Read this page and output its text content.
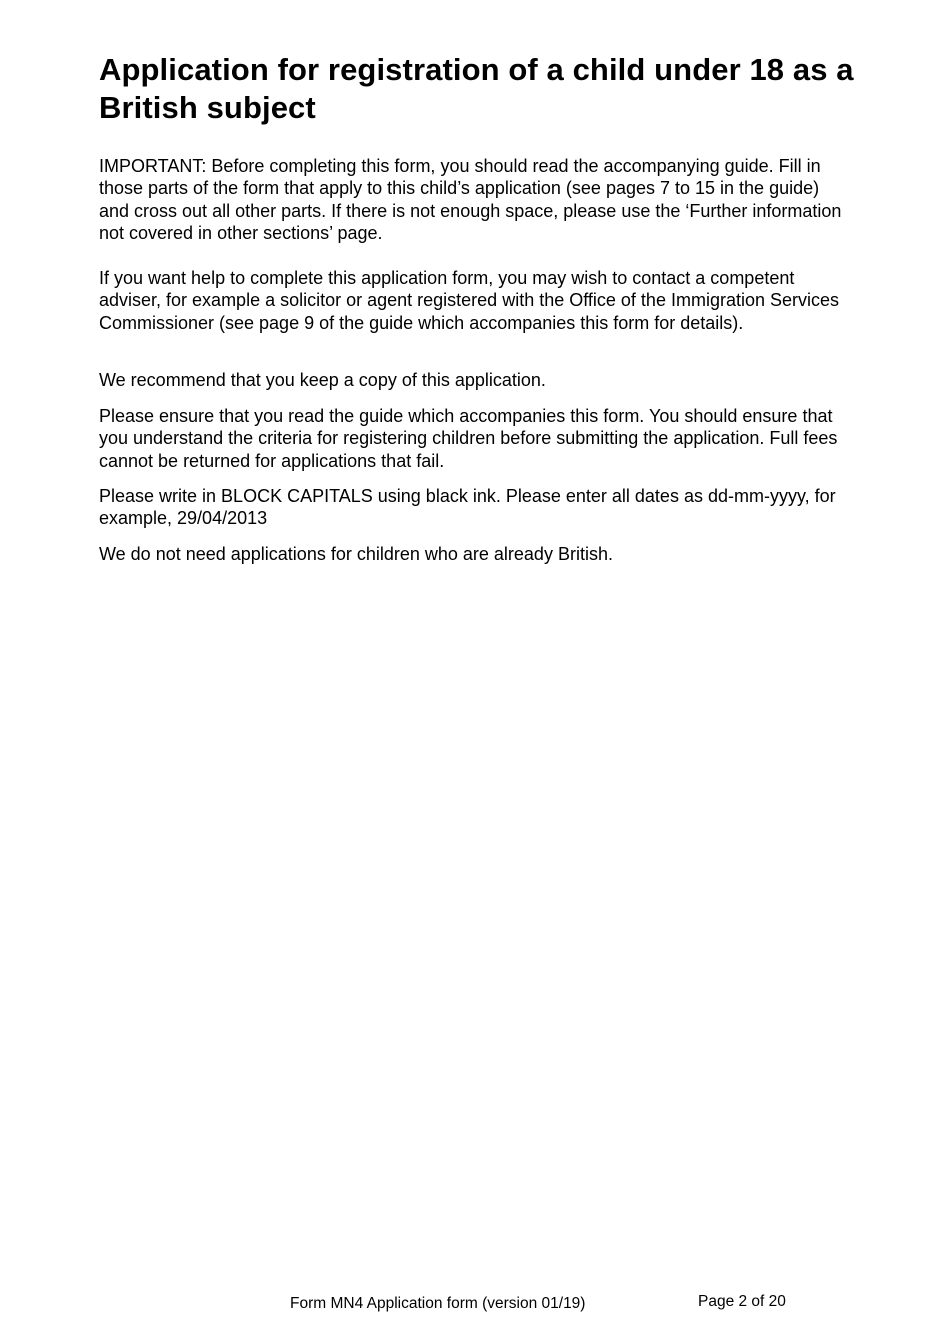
Application for registration of a child under 18 as a British subject

IMPORTANT: Before completing this form, you should read the accompanying guide. Fill in those parts of the form that apply to this child’s application (see pages 7 to 15 in the guide) and cross out all other parts. If there is not enough space, please use the ‘Further information not covered in other sections’ page.

If you want help to complete this application form, you may wish to contact a competent adviser, for example a solicitor or agent registered with the Office of the Immigration Services Commissioner (see page 9 of the guide which accompanies this form for details).

We recommend that you keep a copy of this application.

Please ensure that you read the guide which accompanies this form. You should ensure that you understand the criteria for registering children before submitting the application. Full fees cannot be returned for applications that fail.

Please write in BLOCK CAPITALS using black ink. Please enter all dates as dd-mm-yyyy, for example, 29/04/2013

We do not need applications for children who are already British.

Form MN4 Application form (version 01/19)	Page 2 of 20
